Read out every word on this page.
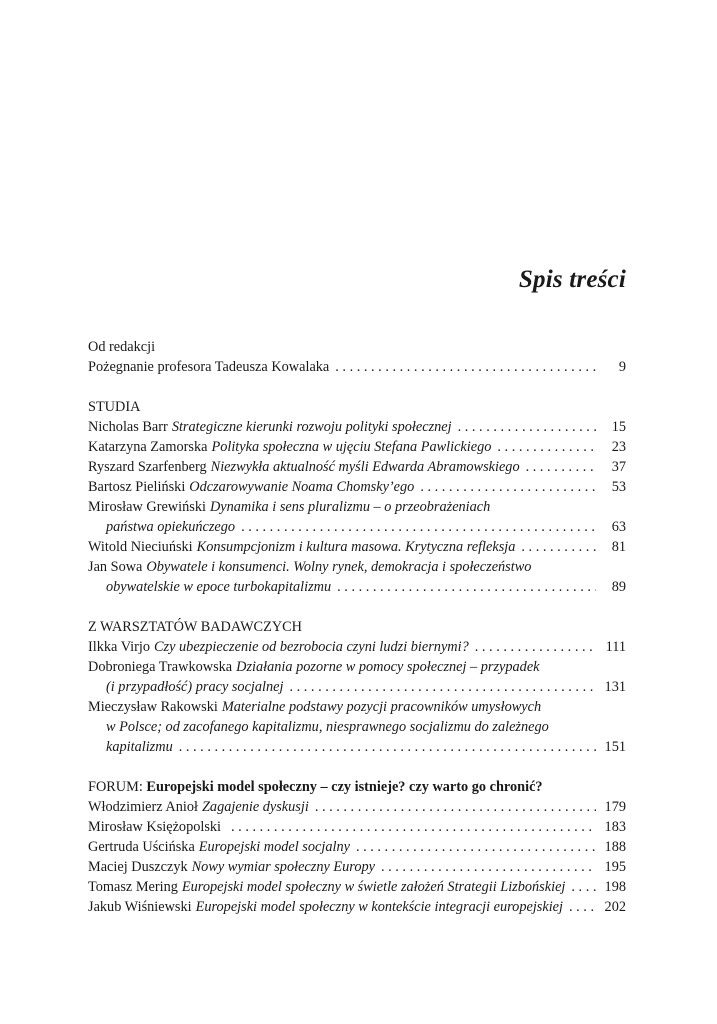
Spis treści
Od redakcji
Pożegnanie profesora Tadeusza Kowalaka . . .	9
STUDIA
Nicholas Barr Strategiczne kierunki rozwoju polityki społecznej . . .	15
Katarzyna Zamorska Polityka społeczna w ujęciu Stefana Pawlickiego . . .	23
Ryszard Szarfenberg Niezwykła aktualność myśli Edwarda Abramowskiego . . .	37
Bartosz Pieliński Odczarowywanie Noama Chomsky’ego . . .	53
Mirosław Grewiński Dynamika i sens pluralizmu – o przeobrażeniach
państwa opiekuńczego . . .	63
Witold Nieciuński Konsumpcjonizm i kultura masowa. Krytyczna refleksja . . .	81
Jan Sowa Obywatele i konsumenci. Wolny rynek, demokracja i społeczeństwo
obywatelskie w epoce turbokapitalizmu . . .	89
Z WARSZTATÓW BADAWCZYCH
Ilkka Virjo Czy ubezpieczenie od bezrobocia czyni ludzi biernymi? . . .	111
Dobroniega Trawkowska Działania pozorne w pomocy społecznej – przypadek
(i przypadłość) pracy socjalnej . . .	131
Mieczysław Rakowski Materialne podstawy pozycji pracowników umysłowych
w Polsce; od zacofanego kapitalizmu, niesprawnego socjalizmu do zależnego
kapitalizmu . . .	151
FORUM: Europejski model społeczny – czy istnieje? czy warto go chronić?
Włodzimierz Anioł Zagajenie dyskusji . . .	179
Mirosław Księżopolski . . .	183
Gertruda Uścińska Europejski model socjalny . . .	188
Maciej Duszczyk Nowy wymiar społeczny Europy . . .	195
Tomasz Mering Europejski model społeczny w świetle założeń Strategii Lizbońskiej . . .	198
Jakub Wiśniewski Europejski model społeczny w kontekście integracji europejskiej . . .	202
